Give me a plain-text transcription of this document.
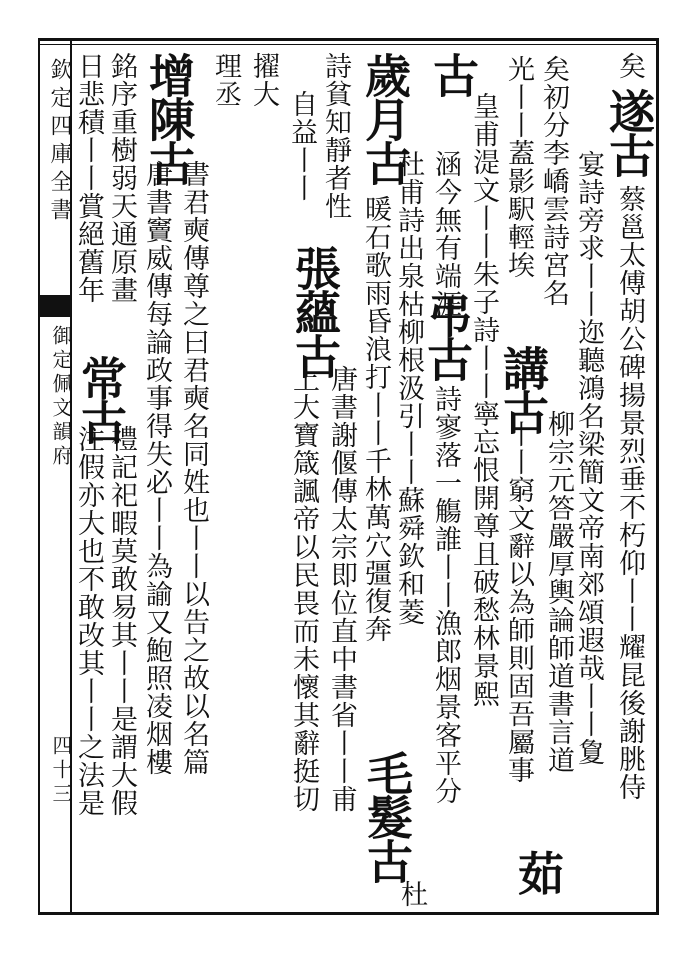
欽定四庫全書
御定佩文韻府
四十三
矣
遂古
蔡邕太傅胡公碑揚景烈垂不朽仰丨丨耀昆後謝朓侍
矣初分李嶠雲詩宮名 宴詩旁求丨丨迩聽鴻名梁簡文帝南郊頌遐哉丨丨夐
光丨丨蓋影駅輕埃
講古
柳宗元答嚴厚輿論師道書言道
古
丨丨窮文辭以為師則固吾屬事
茹
皇甫湜文丨丨朱子詩丨丨寧忘恨開尊且破愁林景熙
涵今無有端涯
弔古
詩寥落一觴誰丨丨漁郎烟景客平分
歲月古
杜甫詩出泉枯柳根汲引丨丨蘇舜欽和菱
暖石歌雨昏浪打丨丨千林萬穴彊復奔
毛髮古
杜
詩貧知靜者性
張蘊古
唐書謝偃傳太宗即位直中書省丨丨甫
自益丨丨
上大寶箴諷帝以民畏而未懷其辭挺切
擢大
理丞
增陳古
書君奭傳尊之曰君奭名同姓也丨丨以告之故以名篇
唐書竇威傳每論政事得失必丨丨為諭又鮑照凌烟樓
銘序重樹弱天通原畫
常古
禮記祀暇莫敢易其丨丨是謂大假
日悲積丨丨賞絕舊年
注假亦大也不敢改其丨丨之法是
